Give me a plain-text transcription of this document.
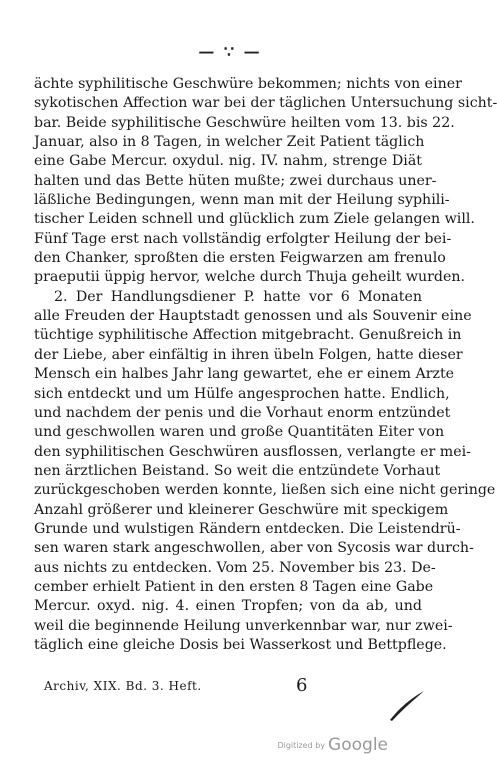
— ∵ —
ächte syphilitische Geschwüre bekommen; nichts von einer
sykotischen Affection war bei der täglichen Untersuchung sicht-
bar. Beide syphilitische Geschwüre heilten vom 13. bis 22.
Januar, also in 8 Tagen, in welcher Zeit Patient täglich
eine Gabe Mercur. oxydul. nig. IV. nahm, strenge Diät
halten und das Bette hüten mußte; zwei durchaus uner-
läßliche Bedingungen, wenn man mit der Heilung syphili-
tischer Leiden schnell und glücklich zum Ziele gelangen will.
Fünf Tage erst nach vollständig erfolgter Heilung der bei-
den Chanker, sproßten die ersten Feigwarzen am frenulo
praeputii üppig hervor, welche durch Thuja geheilt wurden.
2. Der Handlungsdiener P. hatte vor 6 Monaten
alle Freuden der Hauptstadt genossen und als Souvenir eine
tüchtige syphilitische Affection mitgebracht. Genußreich in
der Liebe, aber einfältig in ihren übeln Folgen, hatte dieser
Mensch ein halbes Jahr lang gewartet, ehe er einem Arzte
sich entdeckt und um Hülfe angesprochen hatte. Endlich,
und nachdem der penis und die Vorhaut enorm entzündet
und geschwollen waren und große Quantitäten Eiter von
den syphilitischen Geschwüren ausflossen, verlangte er mei-
nen ärztlichen Beistand. So weit die entzündete Vorhaut
zurückgeschoben werden konnte, ließen sich eine nicht geringe
Anzahl größerer und kleinerer Geschwüre mit speckigem
Grunde und wulstigen Rändern entdecken. Die Leistendrü-
sen waren stark angeschwollen, aber von Sycosis war durch-
aus nichts zu entdecken. Vom 25. November bis 23. De-
cember erhielt Patient in den ersten 8 Tagen eine Gabe
Mercur. oxyd. nig. 4. einen Tropfen; von da ab, und
weil die beginnende Heilung unverkennbar war, nur zwei-
täglich eine gleiche Dosis bei Wasserkost und Bettpflege.
Archiv, XIX. Bd. 3. Heft.	6
Digitized by Google
